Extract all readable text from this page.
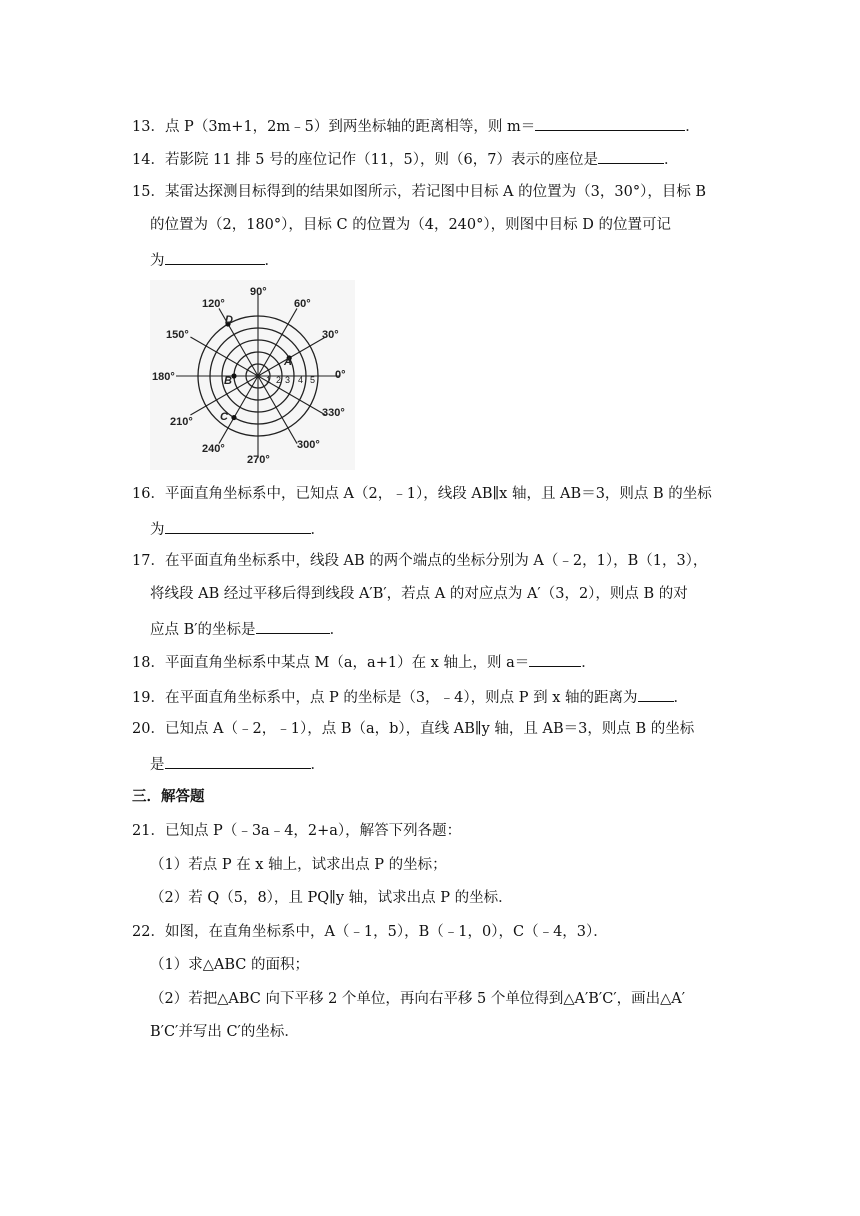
13．点 P（3m+1，2m﹣5）到两坐标轴的距离相等，则 m＝	．
14．若影院 11 排 5 号的座位记作（11，5），则（6，7）表示的座位是	．
15．某雷达探测目标得到的结果如图所示，若记图中目标 A 的位置为（3，30°），目标 B
的位置为（2，180°），目标 C 的位置为（4，240°），则图中目标 D 的位置可记
为	．
90°
60°
30°
0°
330°
300°
270°
240°
210°
180°
150°
120°
1 2 3 4 5
A
B
C
D
16．平面直角坐标系中，已知点 A（2，﹣1），线段 AB∥x 轴，且 AB＝3，则点 B 的坐标
为	．
17．在平面直角坐标系中，线段 AB 的两个端点的坐标分别为 A（﹣2，1），B（1，3），
将线段 AB 经过平移后得到线段 A′B′，若点 A 的对应点为 A′（3，2），则点 B 的对
应点 B′的坐标是	．
18．平面直角坐标系中某点 M（a，a+1）在 x 轴上，则 a＝	．
19．在平面直角坐标系中，点 P 的坐标是（3，﹣4），则点 P 到 x 轴的距离为 ．
20．已知点 A（﹣2，﹣1），点 B（a，b），直线 AB∥y 轴，且 AB＝3，则点 B 的坐标
是	．
三．解答题
21．已知点 P（﹣3a﹣4，2+a），解答下列各题：
（1）若点 P 在 x 轴上，试求出点 P 的坐标；
（2）若 Q（5，8），且 PQ∥y 轴，试求出点 P 的坐标．
22．如图，在直角坐标系中，A（﹣1，5），B（﹣1，0），C（﹣4，3）．
（1）求△ABC 的面积；
（2）若把△ABC 向下平移 2 个单位，再向右平移 5 个单位得到△A′B′C′，画出△A′
B′C′并写出 C′的坐标．
